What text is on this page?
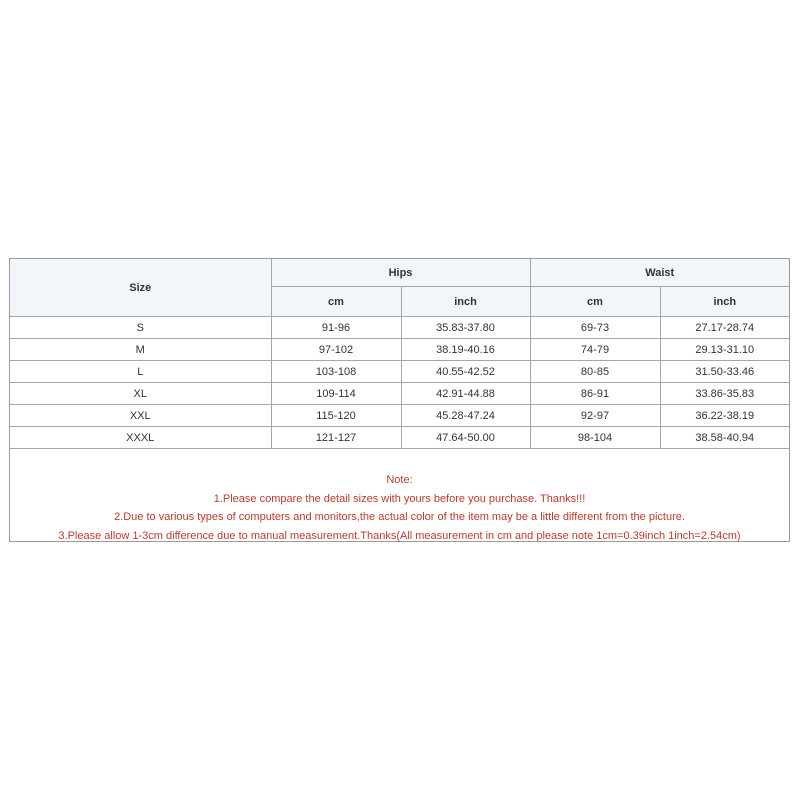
Size	Hips		Waist	
	cm	inch	cm	inch
S	91-96	35.83-37.80	69-73	27.17-28.74
M	97-102	38.19-40.16	74-79	29.13-31.10
L	103-108	40.55-42.52	80-85	31.50-33.46
XL	109-114	42.91-44.88	86-91	33.86-35.83
XXL	115-120	45.28-47.24	92-97	36.22-38.19
XXXL	121-127	47.64-50.00	98-104	38.58-40.94
Note:
1.Please compare the detail sizes with yours before you purchase. Thanks!!!
2.Due to various types of computers and monitors,the actual color of the item may be a little different from the picture.
3.Please allow 1-3cm difference due to manual measurement.Thanks(All measurement in cm and please note 1cm=0.39inch 1inch=2.54cm)
